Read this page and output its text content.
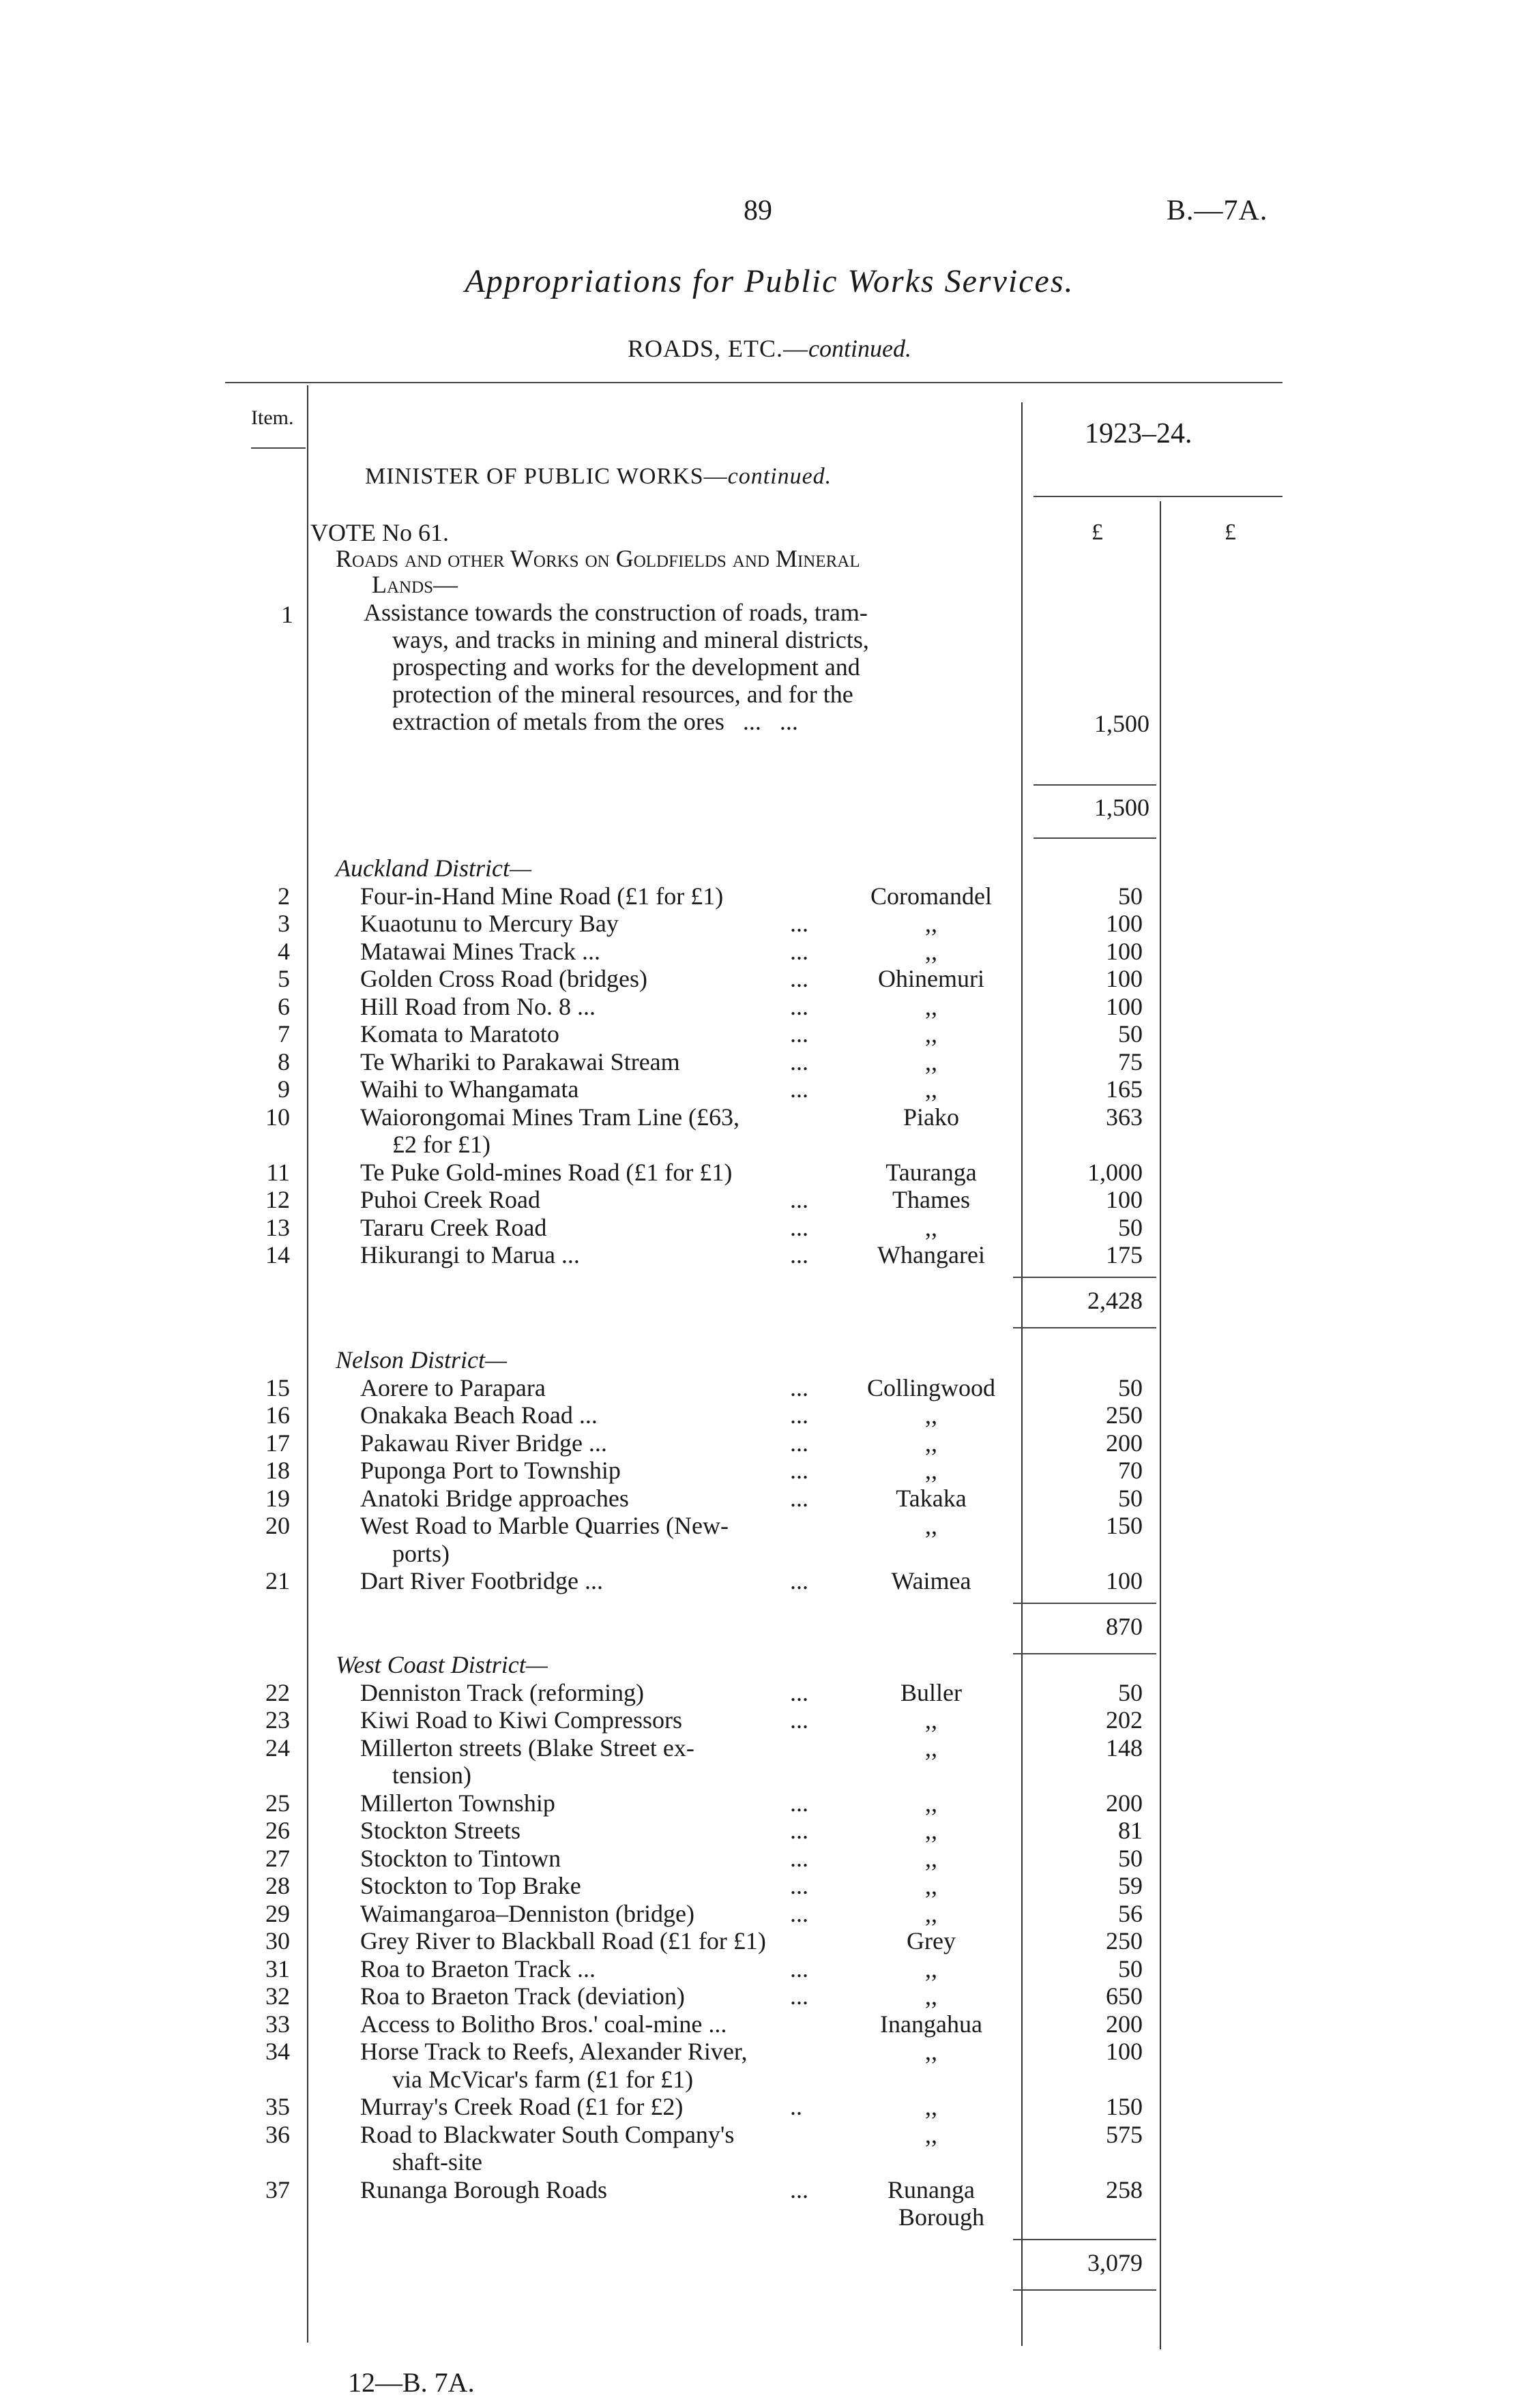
89	B.—7A.
Appropriations for Public Works Services.
ROADS, ETC.—continued.
Item.
1923–24.
MINISTER OF PUBLIC WORKS—continued.
VOTE No 61.	£	£
Roads and other Works on Goldfields and Mineral
Lands—
1	Assistance towards the construction of roads, tram-
ways, and tracks in mining and mineral districts,
prospecting and works for the development and
protection of the mineral resources, and for the
extraction of metals from the ores   ...   ...	1,500
1,500
Auckland District—
2	Four-in-Hand Mine Road (£1 for £1)	Coromandel	50
3	Kuaotunu to Mercury Bay	...	,,	100
4	Matawai Mines Track ...	...	,,	100
5	Golden Cross Road (bridges)	...	Ohinemuri	100
6	Hill Road from No. 8 ...	...	,,	100
7	Komata to Maratoto	...	,,	50
8	Te Whariki to Parakawai Stream	...	,,	75
9	Waihi to Whangamata	...	,,	165
10	Waiorongomai Mines Tram Line (£63,	Piako	363
£2 for £1)
11	Te Puke Gold-mines Road (£1 for £1)	Tauranga	1,000
12	Puhoi Creek Road	...	Thames	100
13	Tararu Creek Road	...	,,	50
14	Hikurangi to Marua ...	...	Whangarei	175
2,428
Nelson District—
15	Aorere to Parapara	...	Collingwood	50
16	Onakaka Beach Road ...	...	,,	250
17	Pakawau River Bridge ...	...	,,	200
18	Puponga Port to Township	...	,,	70
19	Anatoki Bridge approaches	...	Takaka	50
20	West Road to Marble Quarries (New-	,,	150
ports)
21	Dart River Footbridge ...	...	Waimea	100
870
West Coast District—
22	Denniston Track (reforming)	...	Buller	50
23	Kiwi Road to Kiwi Compressors	...	,,	202
24	Millerton streets (Blake Street ex-	,,	148
tension)
25	Millerton Township	...	,,	200
26	Stockton Streets	...	,,	81
27	Stockton to Tintown	...	,,	50
28	Stockton to Top Brake	...	,,	59
29	Waimangaroa–Denniston (bridge)	...	,,	56
30	Grey River to Blackball Road (£1 for £1)	Grey	250
31	Roa to Braeton Track ...	...	,,	50
32	Roa to Braeton Track (deviation)	...	,,	650
33	Access to Bolitho Bros.' coal-mine ...	Inangahua	200
34	Horse Track to Reefs, Alexander River,	,,	100
via McVicar's farm (£1 for £1)
35	Murray's Creek Road (£1 for £2)	..	,,	150
36	Road to Blackwater South Company's	,,	575
shaft-site
37	Runanga Borough Roads	...	Runanga	258
Borough
3,079
12—B. 7A.
